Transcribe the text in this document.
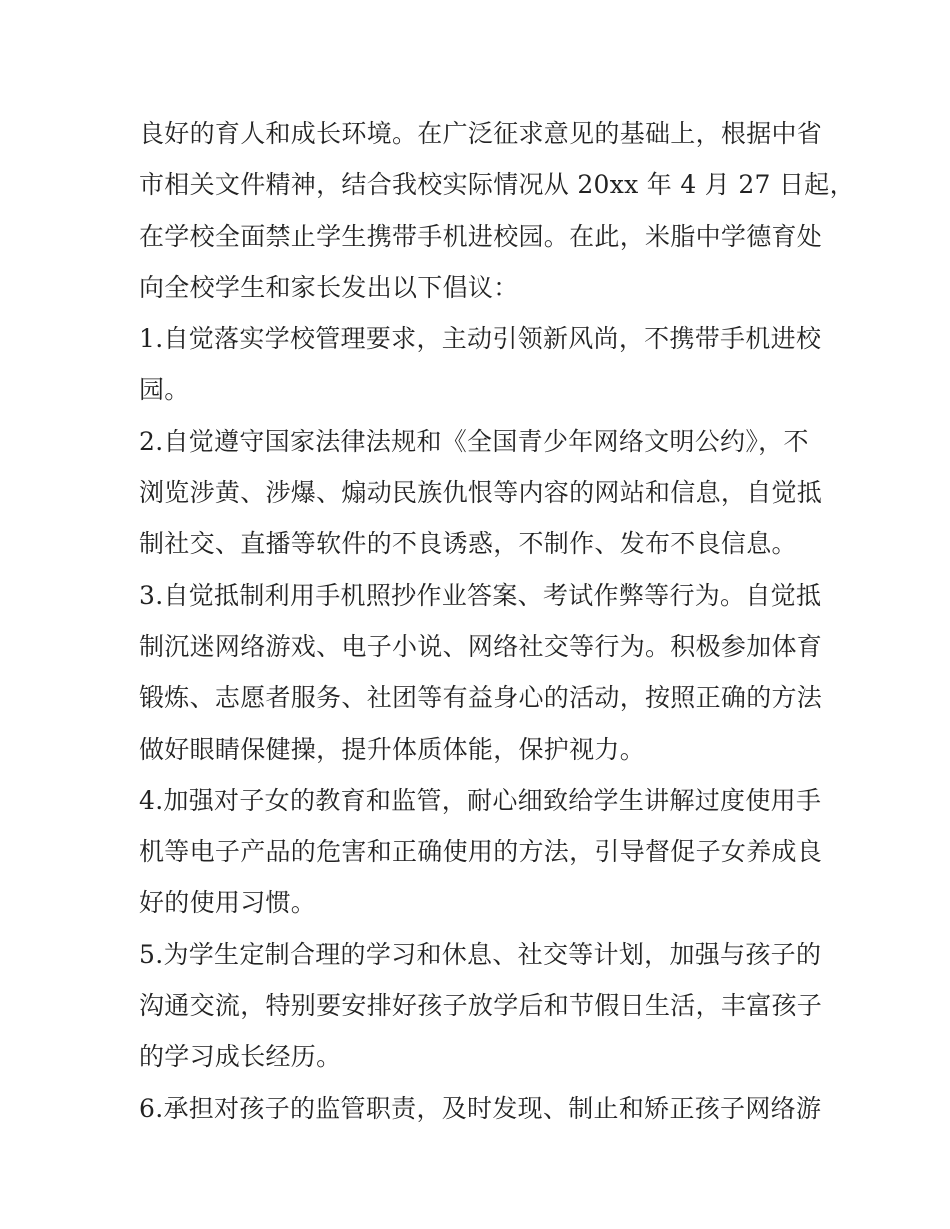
良好的育人和成长环境。在广泛征求意见的基础上，根据中省
市相关文件精神，结合我校实际情况从 20xx 年 4 月 27 日起，
在学校全面禁止学生携带手机进校园。在此，米脂中学德育处
向全校学生和家长发出以下倡议：
1.自觉落实学校管理要求，主动引领新风尚，不携带手机进校
园。
2.自觉遵守国家法律法规和《全国青少年网络文明公约》，不
浏览涉黄、涉爆、煽动民族仇恨等内容的网站和信息，自觉抵
制社交、直播等软件的不良诱惑，不制作、发布不良信息。
3.自觉抵制利用手机照抄作业答案、考试作弊等行为。自觉抵
制沉迷网络游戏、电子小说、网络社交等行为。积极参加体育
锻炼、志愿者服务、社团等有益身心的活动，按照正确的方法
做好眼睛保健操，提升体质体能，保护视力。
4.加强对子女的教育和监管，耐心细致给学生讲解过度使用手
机等电子产品的危害和正确使用的方法，引导督促子女养成良
好的使用习惯。
5.为学生定制合理的学习和休息、社交等计划，加强与孩子的
沟通交流，特别要安排好孩子放学后和节假日生活，丰富孩子
的学习成长经历。
6.承担对孩子的监管职责，及时发现、制止和矫正孩子网络游
